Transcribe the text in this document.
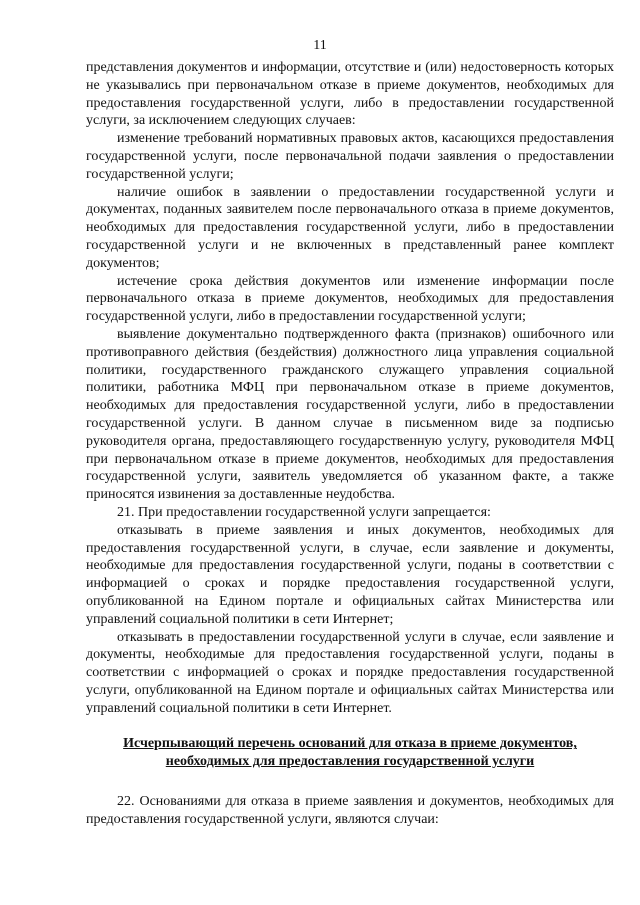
11

представления документов и информации, отсутствие и (или) недостоверность которых не указывались при первоначальном отказе в приеме документов, необходимых для предоставления государственной услуги, либо в предоставлении государственной услуги, за исключением следующих случаев:

изменение требований нормативных правовых актов, касающихся предоставления государственной услуги, после первоначальной подачи заявления о предоставлении государственной услуги;

наличие ошибок в заявлении о предоставлении государственной услуги и документах, поданных заявителем после первоначального отказа в приеме документов, необходимых для предоставления государственной услуги, либо в предоставлении государственной услуги и не включенных в представленный ранее комплект документов;

истечение срока действия документов или изменение информации после первоначального отказа в приеме документов, необходимых для предоставления государственной услуги, либо в предоставлении государственной услуги;

выявление документально подтвержденного факта (признаков) ошибочного или противоправного действия (бездействия) должностного лица управления социальной политики, государственного гражданского служащего управления социальной политики, работника МФЦ при первоначальном отказе в приеме документов, необходимых для предоставления государственной услуги, либо в предоставлении государственной услуги. В данном случае в письменном виде за подписью руководителя органа, предоставляющего государственную услугу, руководителя МФЦ при первоначальном отказе в приеме документов, необходимых для предоставления государственной услуги, заявитель уведомляется об указанном факте, а также приносятся извинения за доставленные неудобства.

21. При предоставлении государственной услуги запрещается:

отказывать в приеме заявления и иных документов, необходимых для предоставления государственной услуги, в случае, если заявление и документы, необходимые для предоставления государственной услуги, поданы в соответствии с информацией о сроках и порядке предоставления государственной услуги, опубликованной на Едином портале и официальных сайтах Министерства или управлений социальной политики в сети Интернет;

отказывать в предоставлении государственной услуги в случае, если заявление и документы, необходимые для предоставления государственной услуги, поданы в соответствии с информацией о сроках и порядке предоставления государственной услуги, опубликованной на Едином портале и официальных сайтах Министерства или управлений социальной политики в сети Интернет.

Исчерпывающий перечень оснований для отказа в приеме документов,
необходимых для предоставления государственной услуги

22. Основаниями для отказа в приеме заявления и документов, необходимых для предоставления государственной услуги, являются случаи:
